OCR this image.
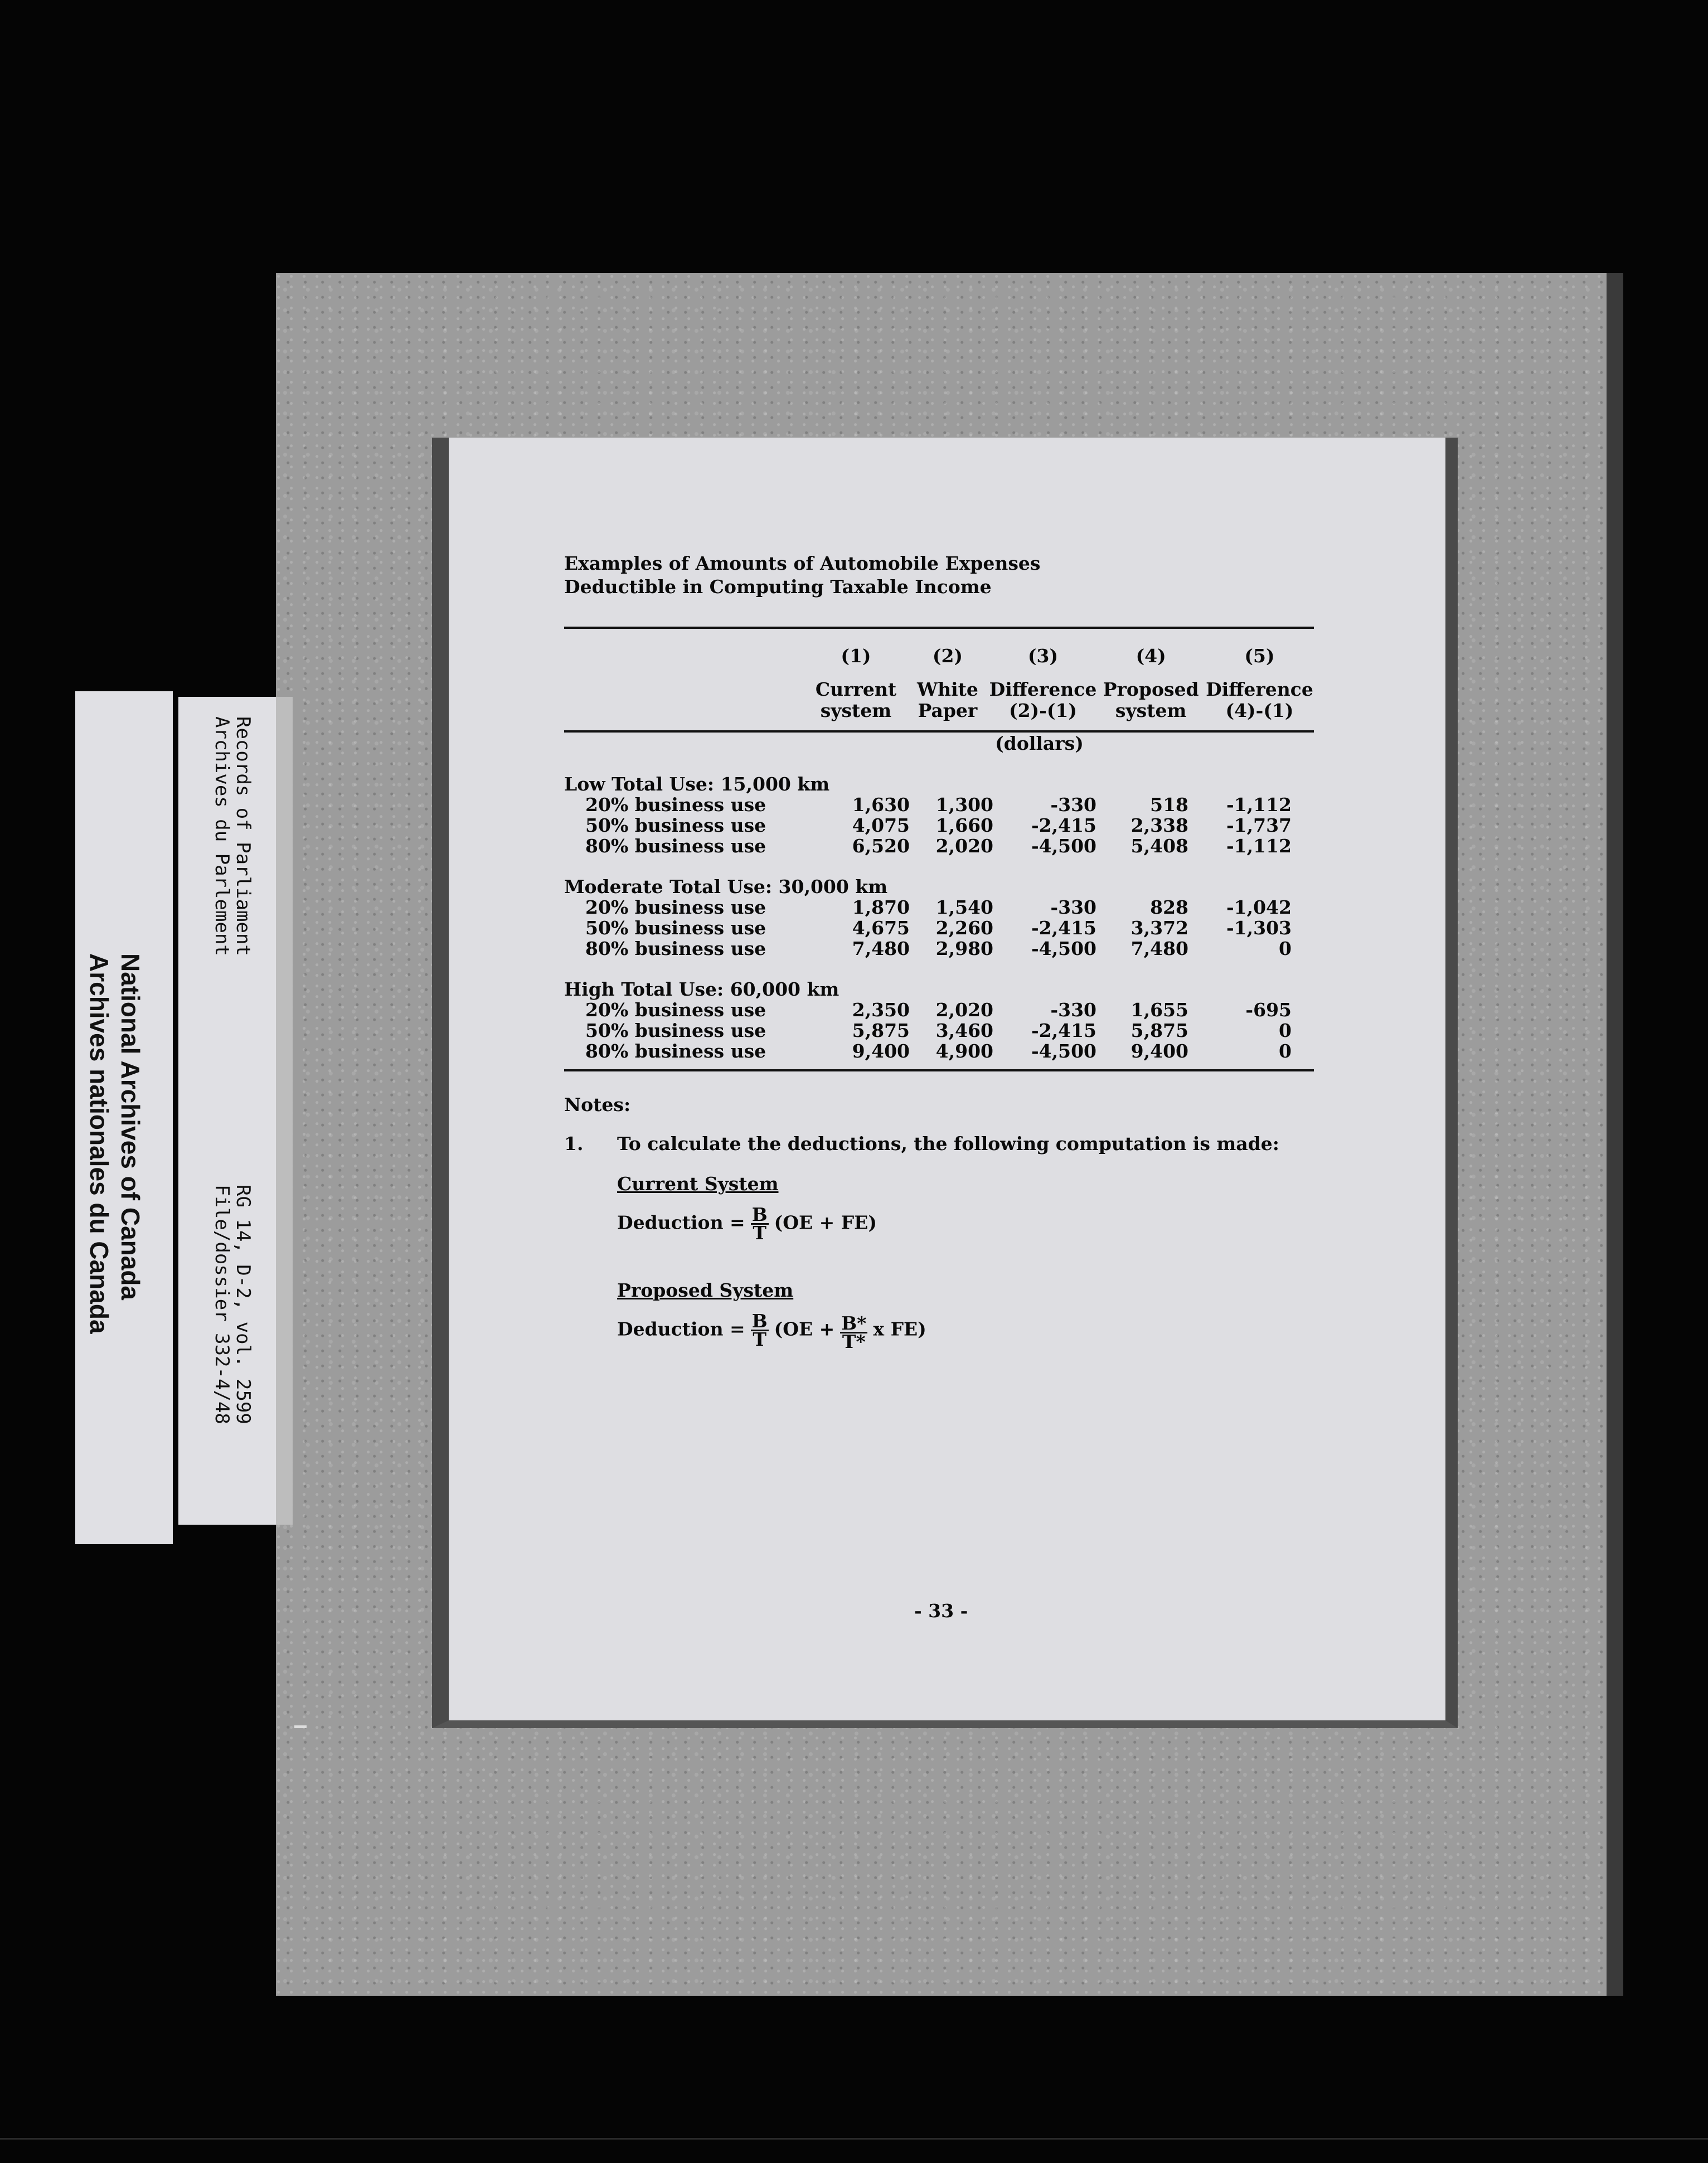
Examples of Amounts of Automobile Expenses
Deductible in Computing Taxable Income
	(1)	(2)	(3)	(4)	(5)

	Current	White	Difference	Proposed	Difference
	system	Paper	(2)-(1)	system	(4)-(1)
	(dollars)				

Low Total Use: 15,000 km					
20% business use	1,630	1,300	-330	518	-1,112
50% business use	4,075	1,660	-2,415	2,338	-1,737
80% business use	6,520	2,020	-4,500	5,408	-1,112

Moderate Total Use: 30,000 km					
20% business use	1,870	1,540	-330	828	-1,042
50% business use	4,675	2,260	-2,415	3,372	-1,303
80% business use	7,480	2,980	-4,500	7,480	0

High Total Use: 60,000 km					
20% business use	2,350	2,020	-330	1,655	-695
50% business use	5,875	3,460	-2,415	5,875	0
80% business use	9,400	4,900	-4,500	9,400	0
Notes:
1.	To calculate the deductions, the following computation is made:
Current System
Deduction = $\frac{B}{T} (OE + FE)$
Proposed System
Deduction = $\frac{B}{T} (OE + \frac{B*}{T*}$ x FE)
- 33 -
National Archives of Canada
Archives nationales du Canada
Records of Parliament
Archives du Parlement
RG 14, D-2, vol. 2599
File/dossier 332-4/48
